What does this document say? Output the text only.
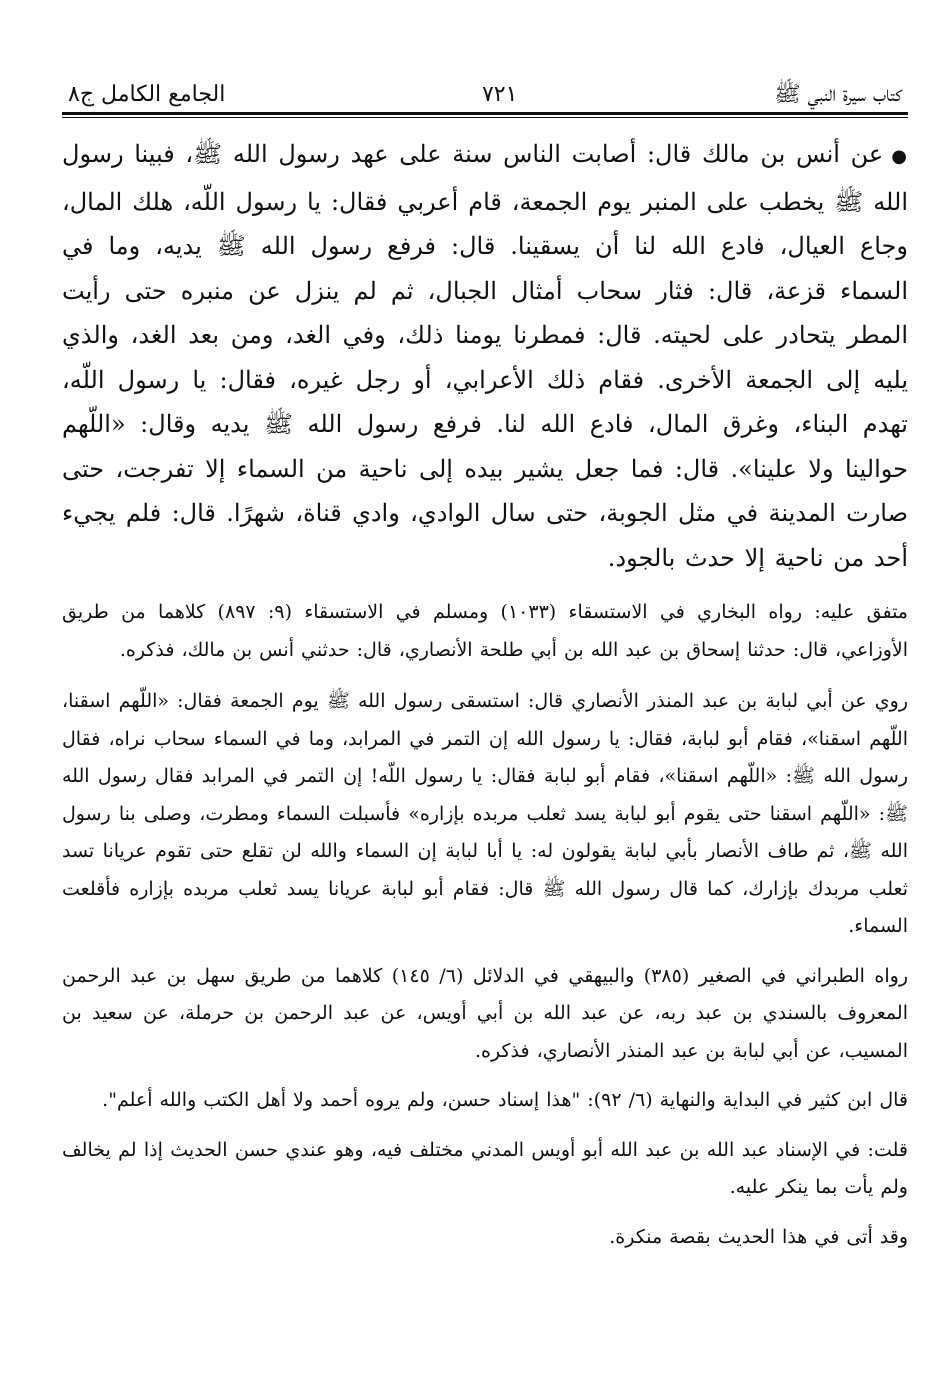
كتاب سيرة النبي ﷺ
٧٢١
الجامع الكامل ج٨

●عن أنس بن مالك قال: أصابت الناس سنة على عهد رسول الله ﷺ، فبينا رسول الله ﷺ يخطب على المنبر يوم الجمعة، قام أعربي فقال: يا رسول اللّه، هلك المال، وجاع العيال، فادع الله لنا أن يسقينا. قال: فرفع رسول الله ﷺ يديه، وما في السماء قزعة، قال: فثار سحاب أمثال الجبال، ثم لم ينزل عن منبره حتى رأيت المطر يتحادر على لحيته. قال: فمطرنا يومنا ذلك، وفي الغد، ومن بعد الغد، والذي يليه إلى الجمعة الأخرى. فقام ذلك الأعرابي، أو رجل غيره، فقال: يا رسول اللّه، تهدم البناء، وغرق المال، فادع الله لنا. فرفع رسول الله ﷺ يديه وقال: «اللّهم حوالينا ولا علينا». قال: فما جعل يشير بيده إلى ناحية من السماء إلا تفرجت، حتى صارت المدينة في مثل الجوبة، حتى سال الوادي، وادي قناة، شهرًا. قال: فلم يجيء أحد من ناحية إلا حدث بالجود.

متفق عليه: رواه البخاري في الاستسقاء (١٠٣٣) ومسلم في الاستسقاء (٩: ٨٩٧) كلاهما من طريق الأوزاعي، قال: حدثنا إسحاق بن عبد الله بن أبي طلحة الأنصاري، قال: حدثني أنس بن مالك، فذكره.

روي عن أبي لبابة بن عبد المنذر الأنصاري قال: استسقى رسول الله ﷺ يوم الجمعة فقال: «اللّهم اسقنا، اللّهم اسقنا»، فقام أبو لبابة، فقال: يا رسول الله إن التمر في المرابد، وما في السماء سحاب نراه، فقال رسول الله ﷺ: «اللّهم اسقنا»، فقام أبو لبابة فقال: يا رسول اللّه! إن التمر في المرابد فقال رسول الله ﷺ: «اللّهم اسقنا حتى يقوم أبو لبابة يسد ثعلب مربده بإزاره» فأسبلت السماء ومطرت، وصلى بنا رسول الله ﷺ، ثم طاف الأنصار بأبي لبابة يقولون له: يا أبا لبابة إن السماء والله لن تقلع حتى تقوم عريانا تسد ثعلب مربدك بإزارك، كما قال رسول الله ﷺ قال: فقام أبو لبابة عريانا يسد ثعلب مربده بإزاره فأقلعت السماء.

رواه الطبراني في الصغير (٣٨٥) والبيهقي في الدلائل (٦/ ١٤٥) كلاهما من طريق سهل بن عبد الرحمن المعروف بالسندي بن عبد ربه، عن عبد الله بن أبي أويس، عن عبد الرحمن بن حرملة، عن سعيد بن المسيب، عن أبي لبابة بن عبد المنذر الأنصاري، فذكره.

قال ابن كثير في البداية والنهاية (٦/ ٩٢): "هذا إسناد حسن، ولم يروه أحمد ولا أهل الكتب والله أعلم".

قلت: في الإسناد عبد الله بن عبد الله أبو أويس المدني مختلف فيه، وهو عندي حسن الحديث إذا لم يخالف ولم يأت بما ينكر عليه.

وقد أتى في هذا الحديث بقصة منكرة.
